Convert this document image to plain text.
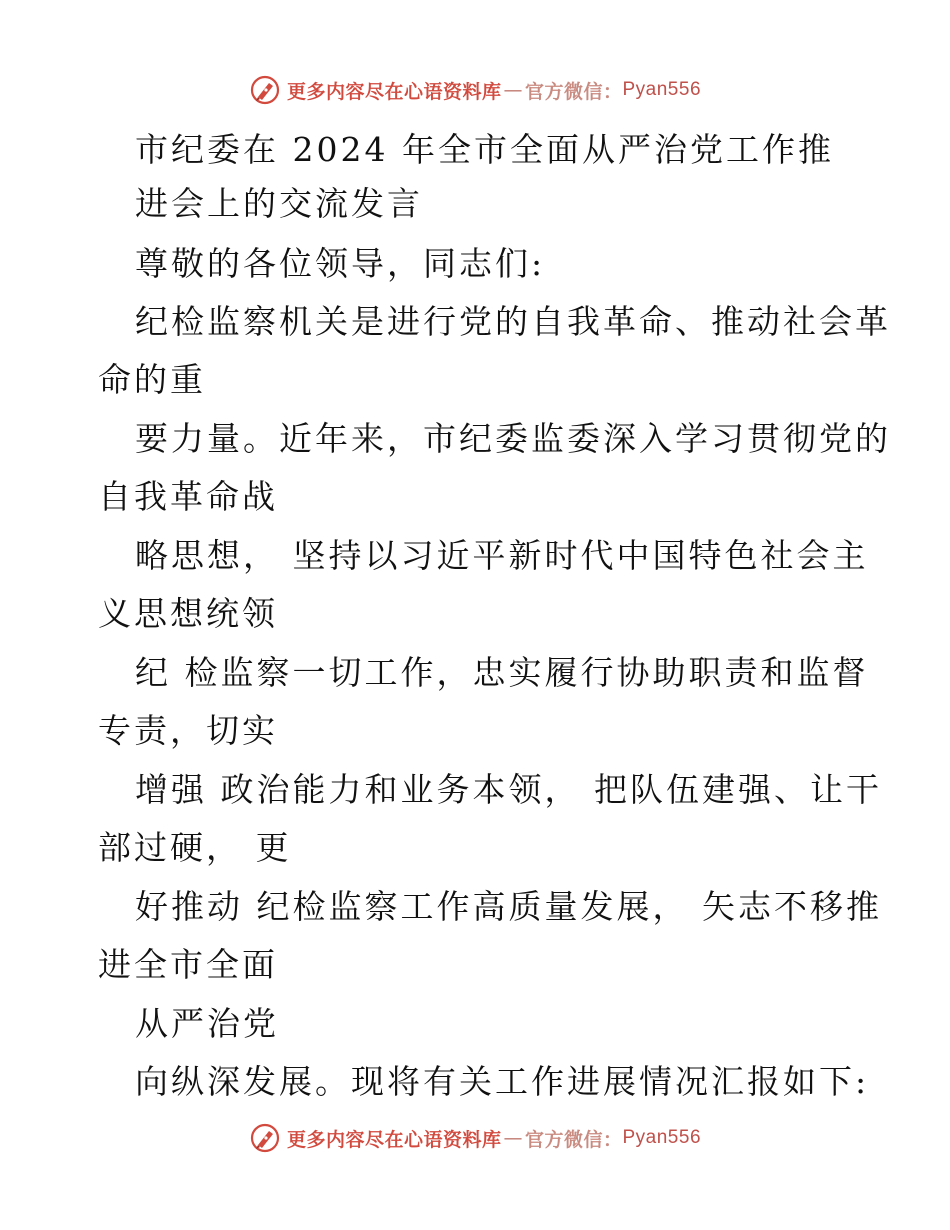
更多内容尽在心语资料库 — 官方微信： Pyan556
市纪委在 2024 年全市全面从严治党工作推
进会上的交流发言
尊敬的各位领导，同志们:
纪检监察机关是进行党的自我革命、推动社会革
命的重
要力量。近年来，市纪委监委深入学习贯彻党的
自我革命战
略思想， 坚持以习近平新时代中国特色社会主
义思想统领
纪 检监察一切工作，忠实履行协助职责和监督
专责，切实
增强 政治能力和业务本领， 把队伍建强、让干
部过硬， 更
好推动 纪检监察工作高质量发展， 矢志不移推
进全市全面
从严治党
向纵深发展。现将有关工作进展情况汇报如下:
更多内容尽在心语资料库 — 官方微信： Pyan556
